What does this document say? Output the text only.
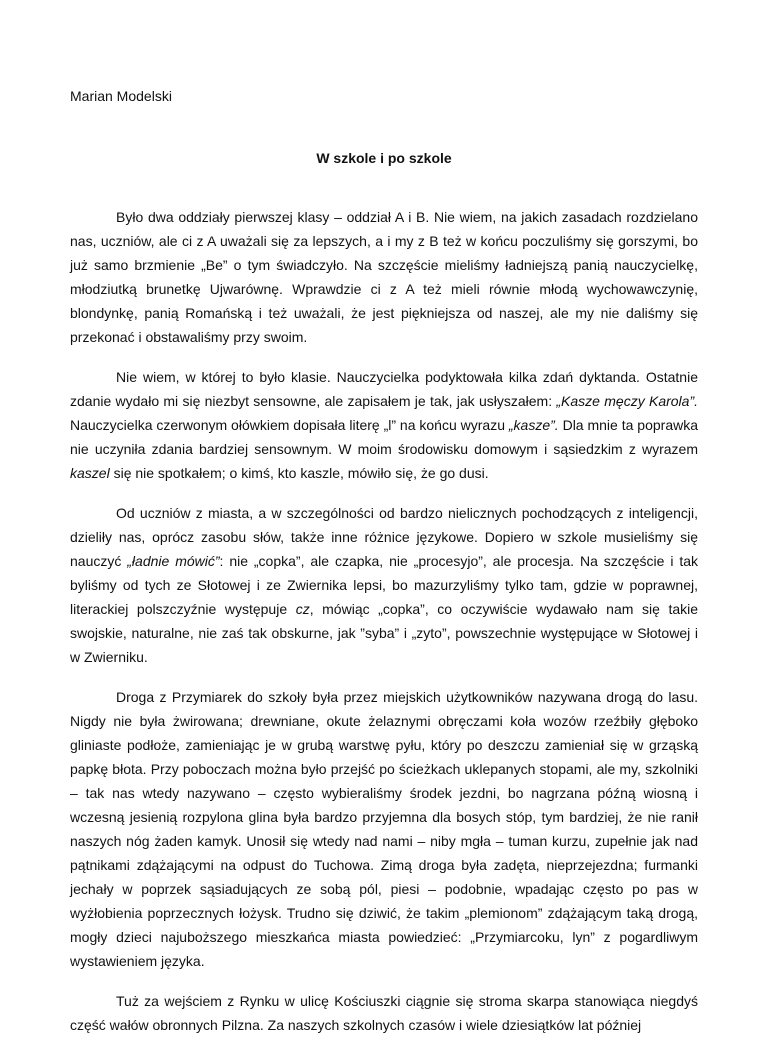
Marian Modelski
W szkole i po szkole

Było dwa oddziały pierwszej klasy – oddział A i B. Nie wiem, na jakich zasadach rozdzielano nas, uczniów, ale ci z A uważali się za lepszych, a i my z B też w końcu poczuliśmy się gorszymi, bo już samo brzmienie „Be” o tym świadczyło. Na szczęście mieliśmy ładniejszą panią nauczycielkę, młodziutką brunetkę Ujwarównę. Wprawdzie ci z A też mieli równie młodą wychowawczynię, blondynkę, panią Romańską i też uważali, że jest piękniejsza od naszej, ale my nie daliśmy się przekonać i obstawaliśmy przy swoim.

Nie wiem, w której to było klasie. Nauczycielka podyktowała kilka zdań dyktanda. Ostatnie zdanie wydało mi się niezbyt sensowne, ale zapisałem je tak, jak usłyszałem: „Kasze męczy Karola”. Nauczycielka czerwonym ołówkiem dopisała literę „l” na końcu wyrazu „kasze”. Dla mnie ta poprawka nie uczyniła zdania bardziej sensownym. W moim środowisku domowym i sąsiedzkim z wyrazem kaszel się nie spotkałem; o kimś, kto kaszle, mówiło się, że go dusi.

Od uczniów z miasta, a w szczególności od bardzo nielicznych pochodzących z inteligencji, dzieliły nas, oprócz zasobu słów, także inne różnice językowe. Dopiero w szkole musieliśmy się nauczyć „ładnie mówić”: nie „copka”, ale czapka, nie „procesyjo”, ale procesja. Na szczęście i tak byliśmy od tych ze Słotowej i ze Zwiernika lepsi, bo mazurzyliśmy tylko tam, gdzie w poprawnej, literackiej polszczyźnie występuje cz, mówiąc „copka”, co oczywiście wydawało nam się takie swojskie, naturalne, nie zaś tak obskurne, jak ”syba” i „zyto”, powszechnie występujące w Słotowej i w Zwierniku.

Droga z Przymiarek do szkoły była przez miejskich użytkowników nazywana drogą do lasu. Nigdy nie była żwirowana; drewniane, okute żelaznymi obręczami koła wozów rzeźbiły głęboko gliniaste podłoże, zamieniając je w grubą warstwę pyłu, który po deszczu zamieniał się w grząską papkę błota. Przy poboczach można było przejść po ścieżkach uklepanych stopami, ale my, szkolniki – tak nas wtedy nazywano – często wybieraliśmy środek jezdni, bo nagrzana późną wiosną i wczesną jesienią rozpylona glina była bardzo przyjemna dla bosych stóp, tym bardziej, że nie ranił naszych nóg żaden kamyk. Unosił się wtedy nad nami – niby mgła – tuman kurzu, zupełnie jak nad pątnikami zdążającymi na odpust do Tuchowa. Zimą droga była zadęta, nieprzejezdna; furmanki jechały w poprzek sąsiadujących ze sobą pól, piesi – podobnie, wpadając często po pas w wyżłobienia poprzecznych łożysk. Trudno się dziwić, że takim „plemionom” zdążającym taką drogą, mogły dzieci najuboższego mieszkańca miasta powiedzieć: „Przymiarcoku, lyn” z pogardliwym wystawieniem języka.

Tuż za wejściem z Rynku w ulicę Kościuszki ciągnie się stroma skarpa stanowiąca niegdyś część wałów obronnych Pilzna. Za naszych szkolnych czasów i wiele dziesiątków lat później
